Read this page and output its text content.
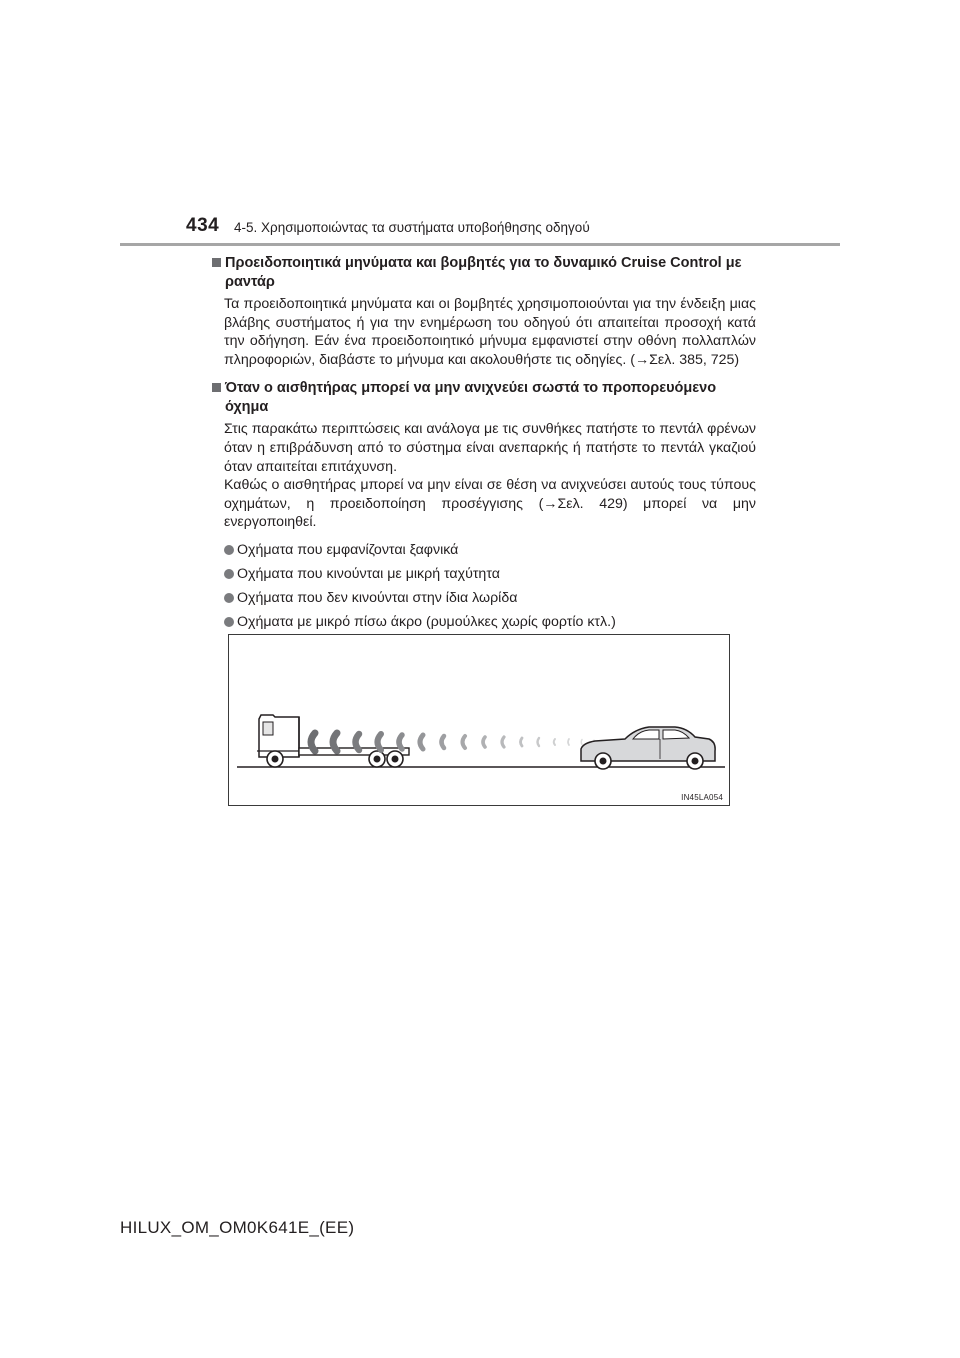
434 4-5. Χρησιμοποιώντας τα συστήματα υποβοήθησης οδηγού
Προειδοποιητικά μηνύματα και βομβητές για το δυναμικό Cruise Control με ραντάρ
Τα προειδοποιητικά μηνύματα και οι βομβητές χρησιμοποιούνται για την ένδειξη μιας βλάβης συστήματος ή για την ενημέρωση του οδηγού ότι απαιτείται προσοχή κατά την οδήγηση. Εάν ένα προειδοποιητικό μήνυμα εμφανιστεί στην οθόνη πολλαπλών πληροφοριών, διαβάστε το μήνυμα και ακολουθήστε τις οδηγίες. (→Σελ. 385, 725)
Όταν ο αισθητήρας μπορεί να μην ανιχνεύει σωστά το προπορευόμενο όχημα
Στις παρακάτω περιπτώσεις και ανάλογα με τις συνθήκες πατήστε το πεντάλ φρένων όταν η επιβράδυνση από το σύστημα είναι ανεπαρκής ή πατήστε το πεντάλ γκαζιού όταν απαιτείται επιτάχυνση.
Καθώς ο αισθητήρας μπορεί να μην είναι σε θέση να ανιχνεύσει αυτούς τους τύπους οχημάτων, η προειδοποίηση προσέγγισης (→Σελ. 429) μπορεί να μην ενεργοποιηθεί.
Οχήματα που εμφανίζονται ξαφνικά
Οχήματα που κινούνται με μικρή ταχύτητα
Οχήματα που δεν κινούνται στην ίδια λωρίδα
Οχήματα με μικρό πίσω άκρο (ρυμούλκες χωρίς φορτίο κτλ.)
IN45LA054
HILUX_OM_OM0K641E_(EE)
